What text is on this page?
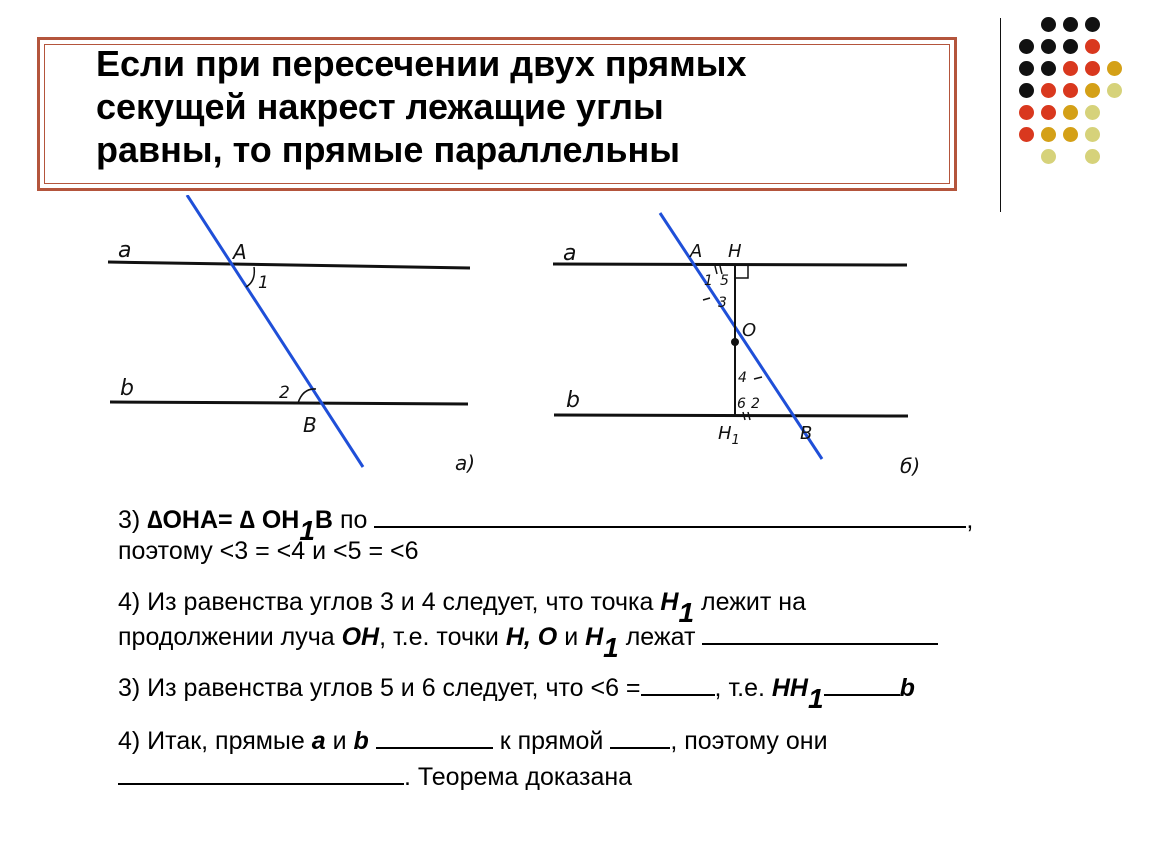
Если при пересечении двух прямых
секущей накрест лежащие углы
равны, то прямые параллельны
a
b
A
B
1
2
а)
a
b
A H
O
B
$H_1$
1 5
3
4
6 2
б)
3) ∆OHA= ∆ OH1B по	,
поэтому <3 = <4 и <5 = <6
4) Из равенства углов 3 и 4 следует, что точка H1 лежит на
продолжении луча OH, т.е. точки H, O и H1 лежат
3) Из равенства углов 5 и 6 следует, что <6 =	, т.е. HH1	b
4) Итак, прямые a и b	к прямой	, поэтому они
. Теорема доказана
